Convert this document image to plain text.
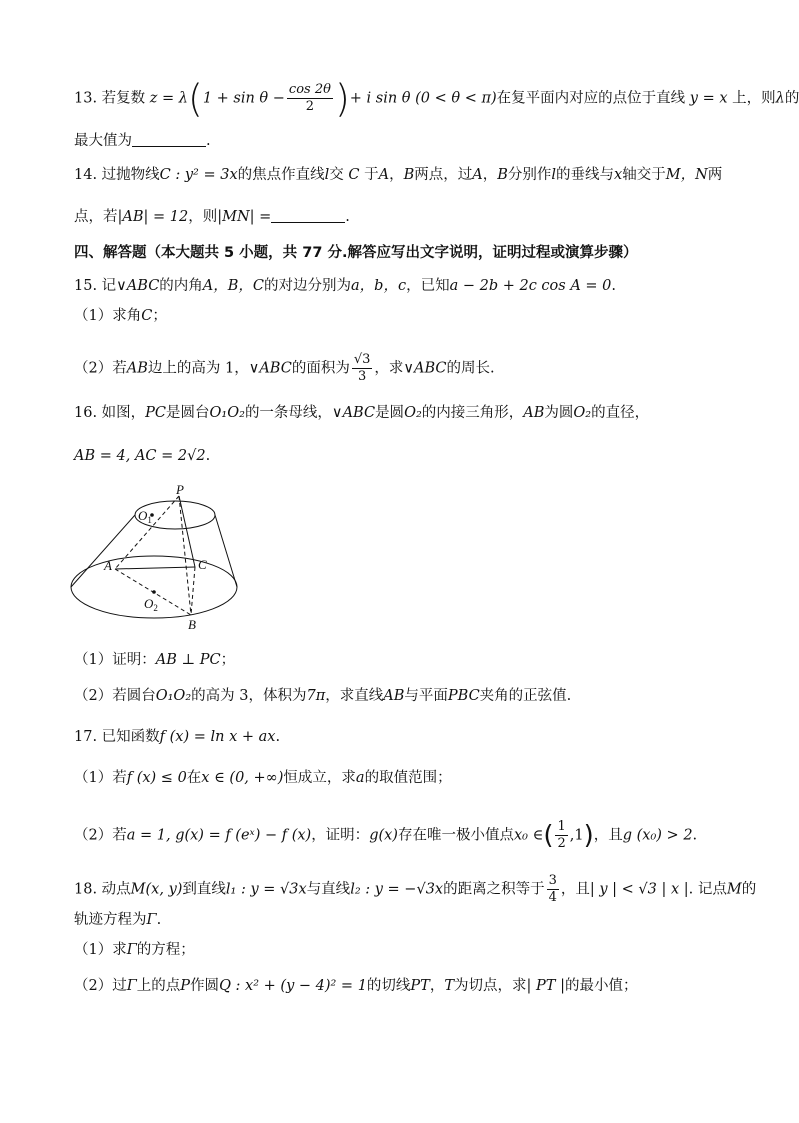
13. 若复数 $z = \lambda(1 + \sin \theta - \frac{\cos 2\theta}{2}$ )+ i sin θ (0 < θ < π)在复平面内对应的点位于直线 y = x 上，则λ的
最大值为	.
14. 过抛物线C : y² = 3x的焦点作直线l交 C 于A，B两点，过A，B分别作l的垂线与x轴交于M，N两
点，若|AB| = 12，则|MN| =	.
四、解答题（本大题共 5 小题，共 77 分.解答应写出文字说明，证明过程或演算步骤）
15. 记∨ABC的内角A，B，C的对边分别为a，b，c，已知a − 2b + 2c cos A = 0.
（1）求角C；
（2）若AB边上的高为 1，∨ABC的面积为 $\frac{√3}{3}$ ，求∨ABC的周长.
16. 如图，PC是圆台O₁O₂的一条母线，∨ABC是圆O₂的内接三角形，AB为圆O₂的直径，
AB = 4, AC = 2√2.
P
$O_1$
A	C
$O_2$
B
（1）证明：AB ⊥ PC；
（2）若圆台O₁O₂的高为 3，体积为7π，求直线AB与平面PBC夹角的正弦值.
17. 已知函数f (x) = ln x + ax.
（1）若f (x) ≤ 0在x ∈ (0, +∞)恒成立，求a的取值范围；
（2）若a = 1, g(x) = f (eˣ) − f (x)，证明：g(x)存在唯一极小值点x₀ ∈( $\frac{1}{2} ,1$)，且g (x₀) > 2.
18. 动点M(x, y)到直线l₁ : y = √3x与直线l₂ : y = −√3x的距离之积等于 $\frac{3}{4}$ ，且| y | < √3 | x |. 记点M的
轨迹方程为Γ.
（1）求Γ的方程；
（2）过Γ上的点P作圆Q : x² + (y − 4)² = 1的切线PT，T为切点，求| PT |的最小值；
